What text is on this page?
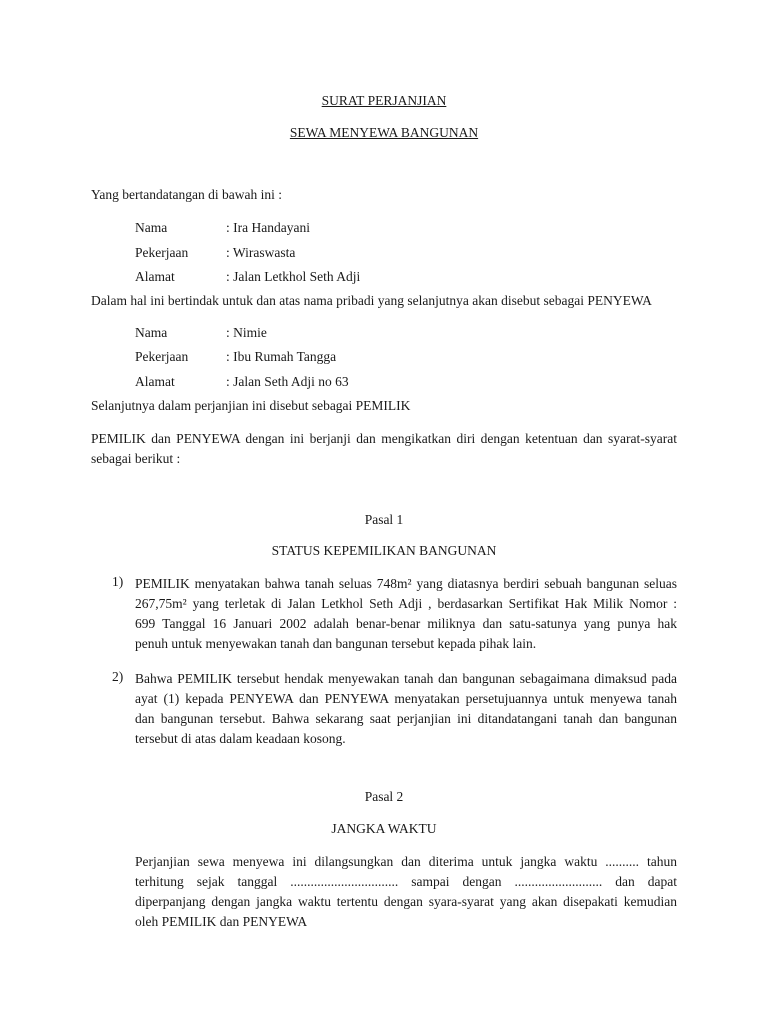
SURAT PERJANJIAN
SEWA MENYEWA BANGUNAN
Yang bertandatangan di bawah ini :
Nama	: Ira Handayani
Pekerjaan	: Wiraswasta
Alamat	: Jalan Letkhol Seth Adji
Dalam hal ini bertindak untuk dan atas nama pribadi yang selanjutnya akan disebut sebagai PENYEWA
Nama	: Nimie
Pekerjaan	: Ibu Rumah Tangga
Alamat	: Jalan Seth Adji no 63
Selanjutnya dalam perjanjian ini disebut sebagai PEMILIK
PEMILIK dan PENYEWA dengan ini berjanji dan mengikatkan diri dengan ketentuan dan syarat-syarat
sebagai berikut :
Pasal 1
STATUS KEPEMILIKAN BANGUNAN
1) PEMILIK menyatakan bahwa tanah seluas 748m² yang diatasnya berdiri sebuah bangunan seluas
267,75m² yang terletak di Jalan Letkhol Seth Adji , berdasarkan Sertifikat Hak Milik Nomor :
699 Tanggal 16 Januari 2002 adalah benar-benar miliknya dan satu-satunya yang punya hak
penuh untuk menyewakan tanah dan bangunan tersebut kepada pihak lain.
2) Bahwa PEMILIK tersebut hendak menyewakan tanah dan bangunan sebagaimana dimaksud pada
ayat (1) kepada PENYEWA dan PENYEWA menyatakan persetujuannya untuk menyewa tanah
dan bangunan tersebut. Bahwa sekarang saat perjanjian ini ditandatangani tanah dan bangunan
tersebut di atas dalam keadaan kosong.
Pasal 2
JANGKA WAKTU
Perjanjian sewa menyewa ini dilangsungkan dan diterima untuk jangka waktu .......... tahun
terhitung sejak tanggal ................................ sampai dengan .......................... dan dapat
diperpanjang dengan jangka waktu tertentu dengan syara-syarat yang akan disepakati kemudian
oleh PEMILIK dan PENYEWA
